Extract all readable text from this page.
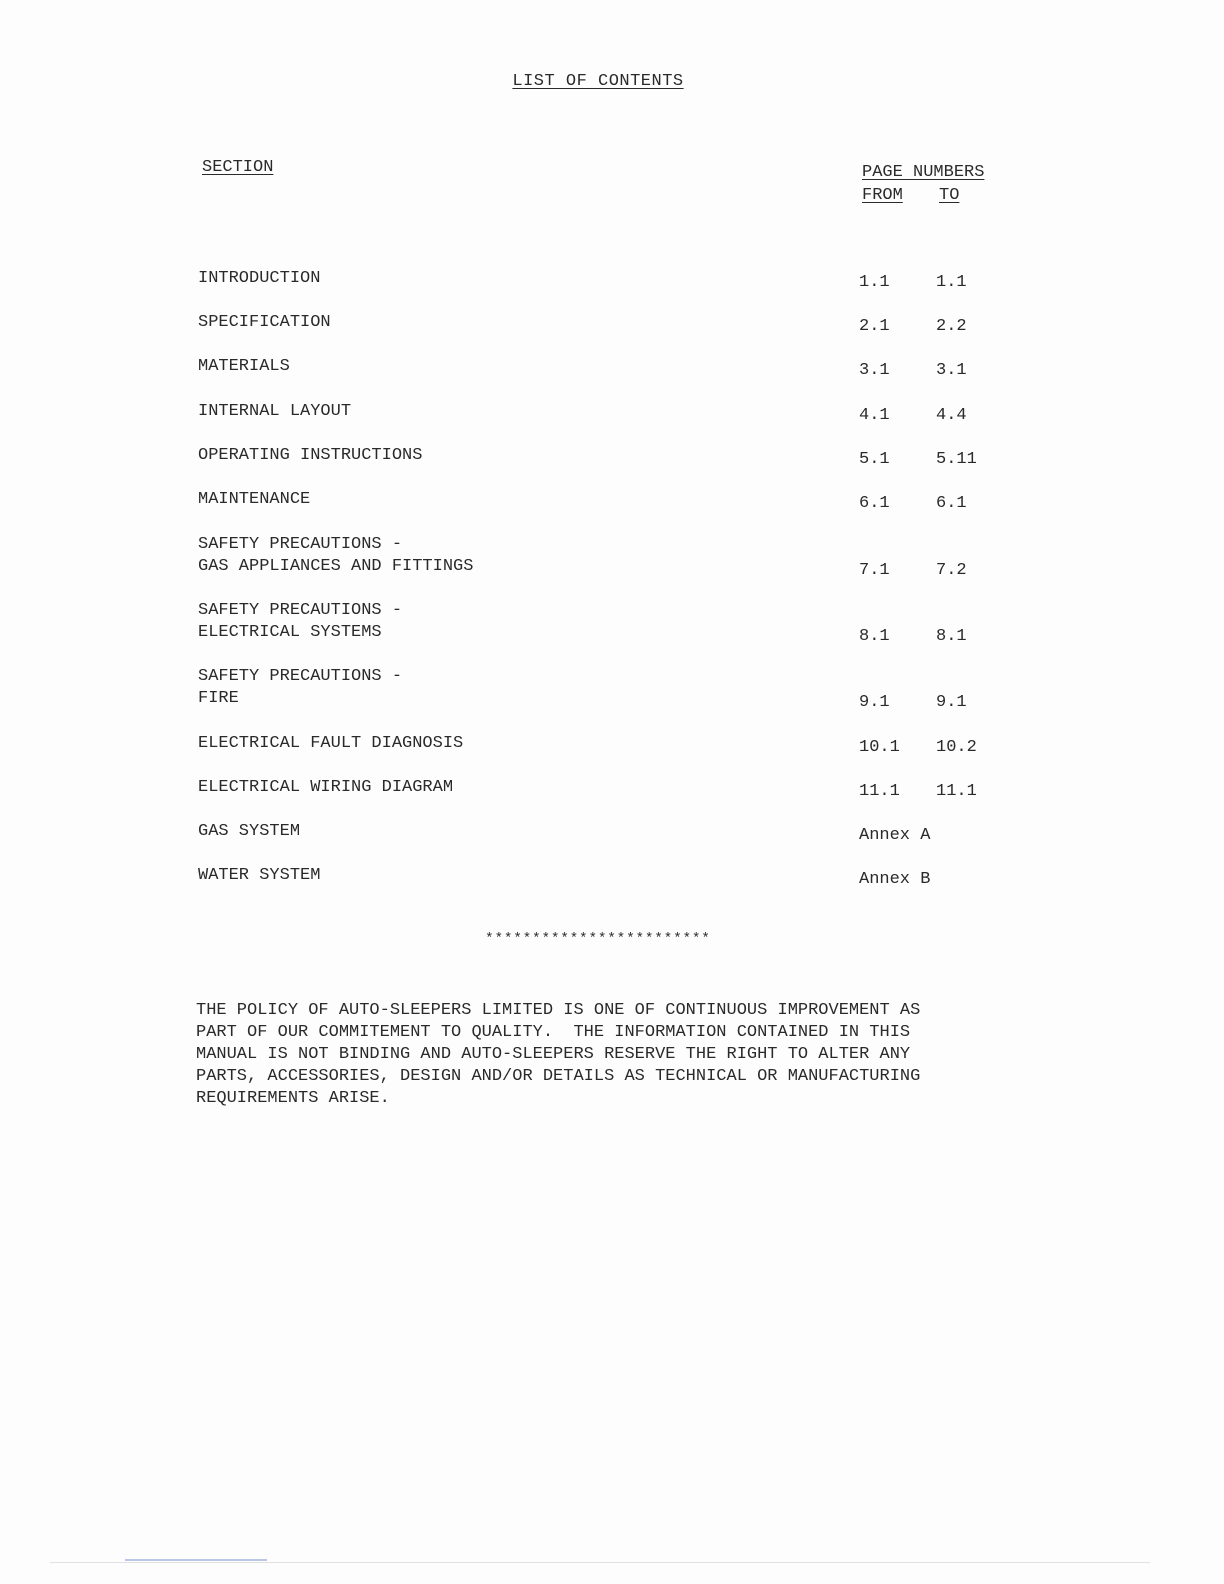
LIST OF CONTENTS
SECTION	PAGE NUMBERS
FROM TO
INTRODUCTION	1.1	1.1
SPECIFICATION	2.1	2.2
MATERIALS	3.1	3.1
INTERNAL LAYOUT	4.1	4.4
OPERATING INSTRUCTIONS	5.1	5.11
MAINTENANCE	6.1	6.1
SAFETY PRECAUTIONS -
GAS APPLIANCES AND FITTINGS	7.1	7.2
SAFETY PRECAUTIONS -
ELECTRICAL SYSTEMS	8.1	8.1
SAFETY PRECAUTIONS -
FIRE	9.1	9.1
ELECTRICAL FAULT DIAGNOSIS	10.1 10.2
ELECTRICAL WIRING DIAGRAM	11.1 11.1
GAS SYSTEM	Annex A
WATER SYSTEM	Annex B
************************
THE POLICY OF AUTO-SLEEPERS LIMITED IS ONE OF CONTINUOUS IMPROVEMENT AS
PART OF OUR COMMITEMENT TO QUALITY.  THE INFORMATION CONTAINED IN THIS
MANUAL IS NOT BINDING AND AUTO-SLEEPERS RESERVE THE RIGHT TO ALTER ANY
PARTS, ACCESSORIES, DESIGN AND/OR DETAILS AS TECHNICAL OR MANUFACTURING
REQUIREMENTS ARISE.
